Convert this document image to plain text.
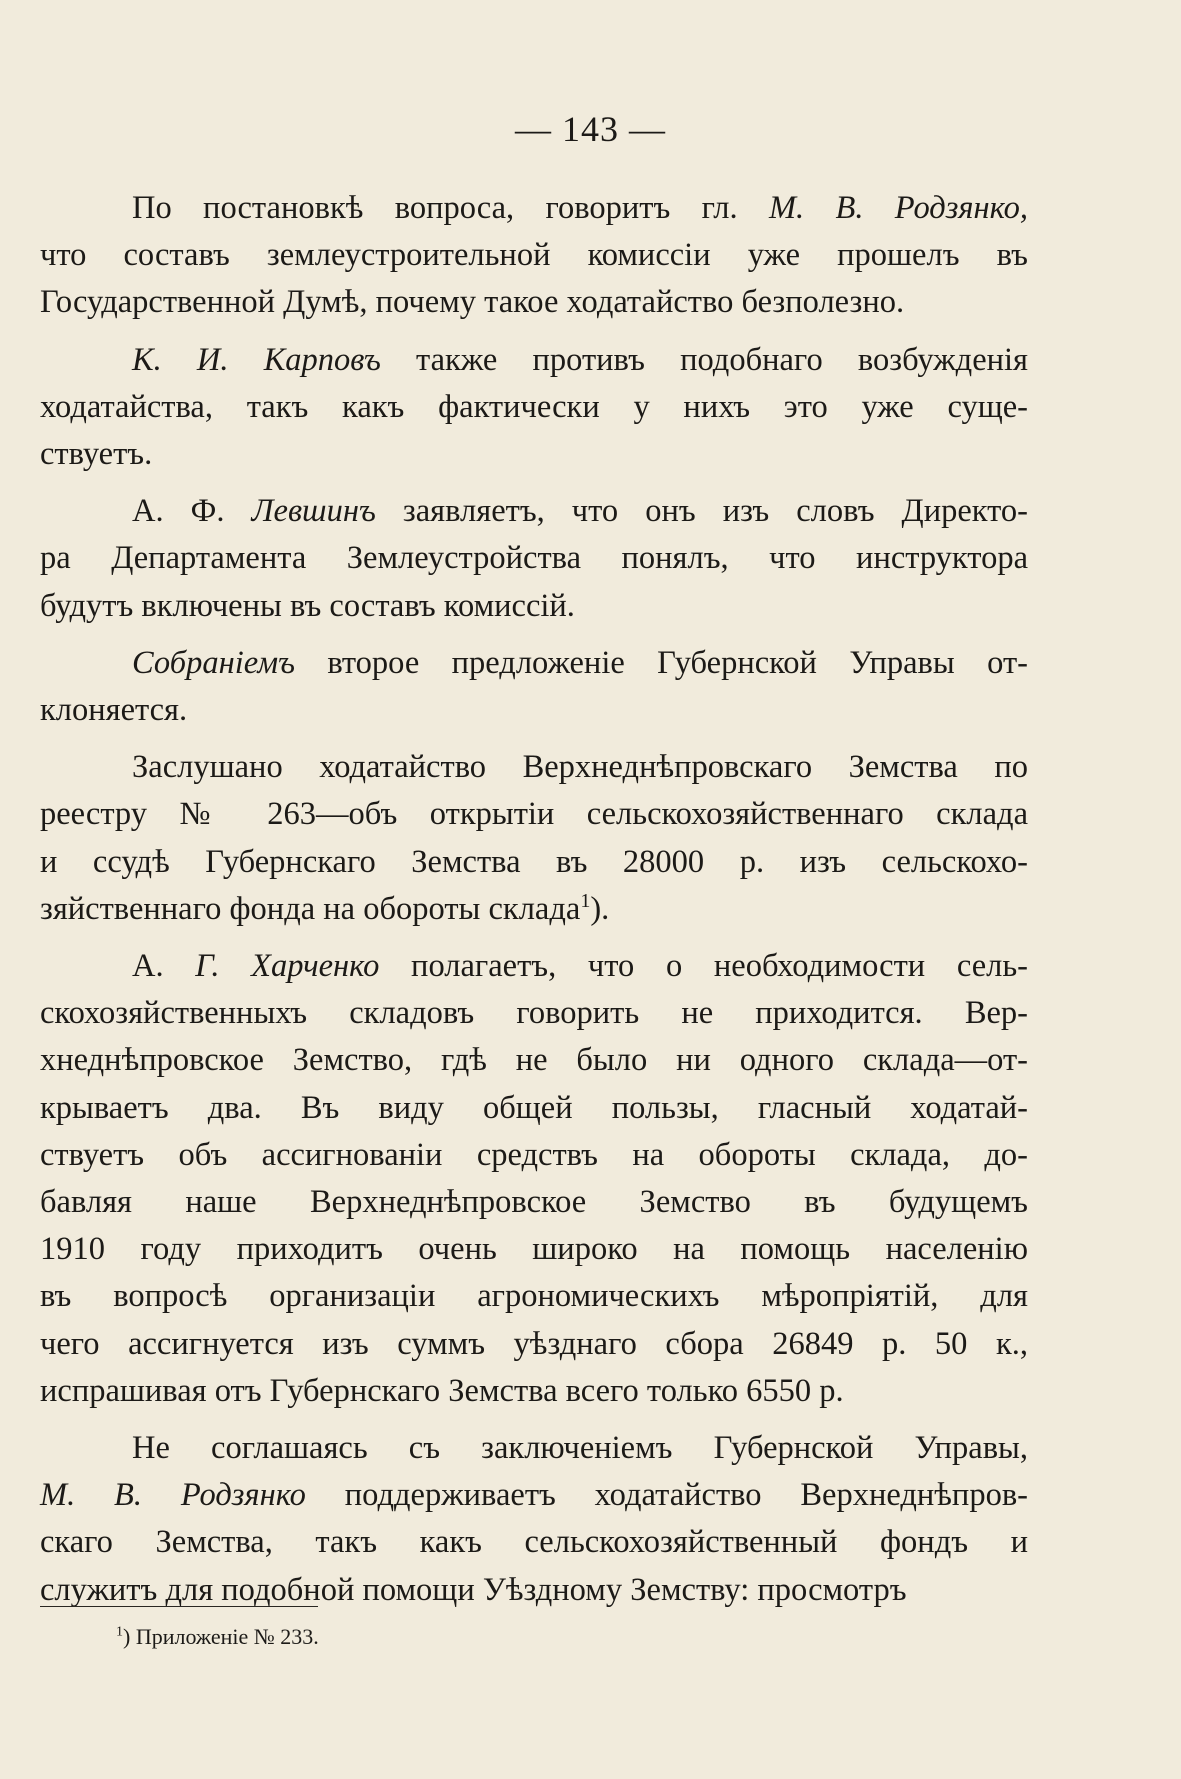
— 143 —
По постановкѣ вопроса, говоритъ гл. М. В. Родзянко,
что составъ землеустроительной комиссіи уже прошелъ въ
Государственной Думѣ, почему такое ходатайство безполезно.
К. И. Карповъ также противъ подобнаго возбужденія
ходатайства, такъ какъ фактически у нихъ это уже суще-
ствуетъ.
А. Ф. Левшинъ заявляетъ, что онъ изъ словъ Директо-
ра Департамента Землеустройства понялъ, что инструктора
будутъ включены въ составъ комиссій.
Собраніемъ второе предложеніе Губернской Управы от-
клоняется.
Заслушано ходатайство Верхнеднѣпровскаго Земства по
реестру № 263—объ открытіи сельскохозяйственнаго склада
и ссудѣ Губернскаго Земства въ 28000 р. изъ сельскохо-
зяйственнаго фонда на обороты склада$^1$).
А. Г. Харченко полагаетъ, что о необходимости сель-
скохозяйственныхъ складовъ говорить не приходится. Вер-
хнеднѣпровское Земство, гдѣ не было ни одного склада—от-
крываетъ два. Въ виду общей пользы, гласный ходатай-
ствуетъ объ ассигнованіи средствъ на обороты склада, до-
бавляя наше Верхнеднѣпровское Земство въ будущемъ
1910 году приходитъ очень широко на помощь населенію
въ вопросѣ организаціи агрономическихъ мѣропріятій, для
чего ассигнуется изъ суммъ уѣзднаго сбора 26849 р. 50 к.,
испрашивая отъ Губернскаго Земства всего только 6550 р.
Не соглашаясь съ заключеніемъ Губернской Управы,
М. В. Родзянко поддерживаетъ ходатайство Верхнеднѣпров-
скаго Земства, такъ какъ сельскохозяйственный фондъ и
служитъ для подобной помощи Уѣздному Земству: просмотръ
$^1$) Приложеніе № 233.
